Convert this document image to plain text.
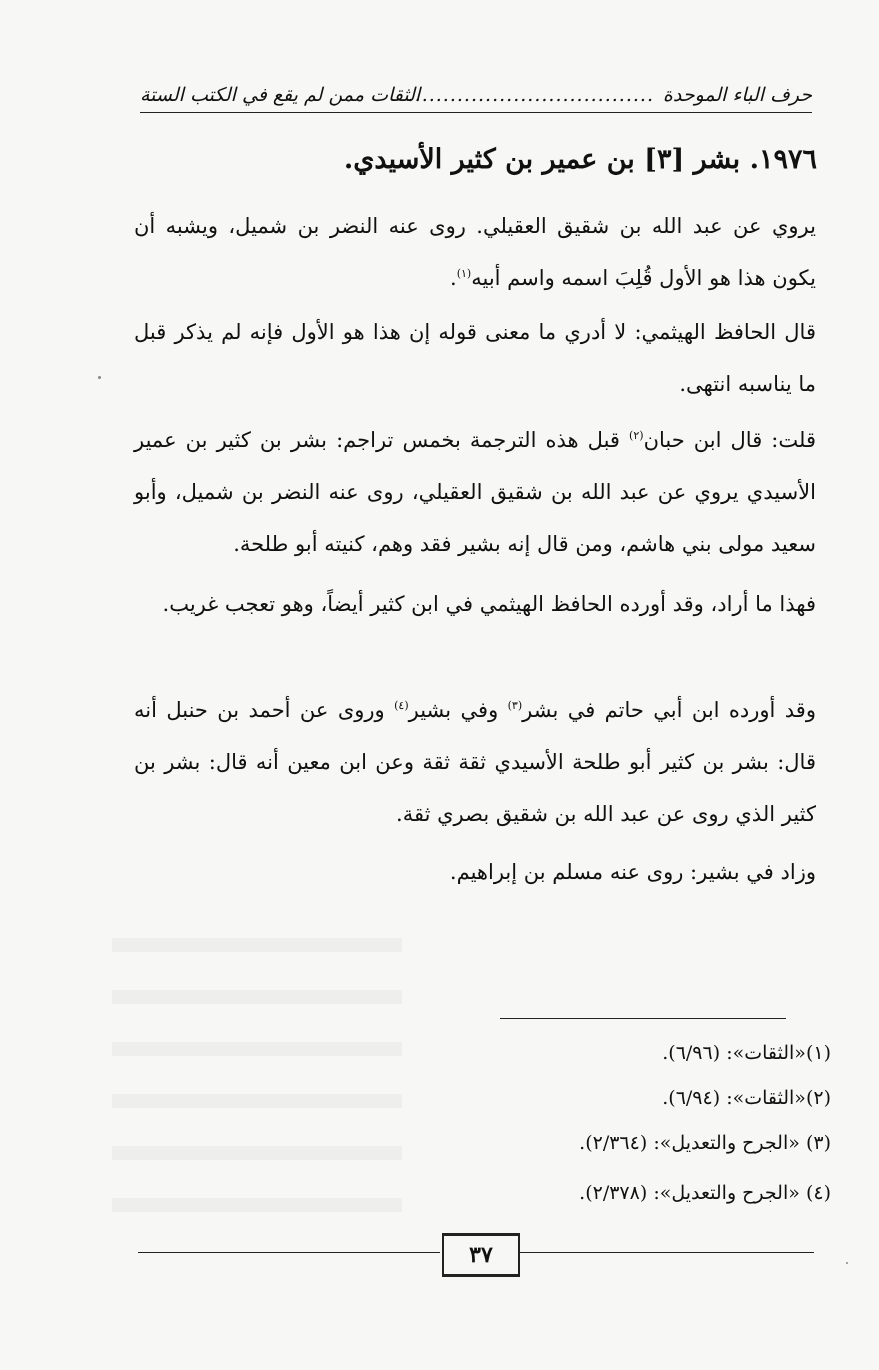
حرف الباء الموحدة
...................................
الثقات ممن لم يقع في الكتب الستة
١٩٧٦. بشر [٣] بن عمير بن كثير الأسيدي.
يروي عن عبد الله بن شقيق العقيلي. روى عنه النضر بن شميل، ويشبه أن يكون هذا هو الأول قُلِبَ اسمه واسم أبيه$^{(١)}$.
قال الحافظ الهيثمي: لا أدري ما معنى قوله إن هذا هو الأول فإنه لم يذكر قبل ما يناسبه انتهى.
قلت: قال ابن حبان$^{(٢)}$ قبل هذه الترجمة بخمس تراجم: بشر بن كثير بن عمير الأسيدي يروي عن عبد الله بن شقيق العقيلي، روى عنه النضر بن شميل، وأبو سعيد مولى بني هاشم، ومن قال إنه بشير فقد وهم، كنيته أبو طلحة.
فهذا ما أراد، وقد أورده الحافظ الهيثمي في ابن كثير أيضاً، وهو تعجب غريب.
وقد أورده ابن أبي حاتم في بشر$^{(٣)}$ وفي بشير$^{(٤)}$ وروى عن أحمد بن حنبل أنه قال: بشر بن كثير أبو طلحة الأسيدي ثقة ثقة وعن ابن معين أنه قال: بشر بن كثير الذي روى عن عبد الله بن شقيق بصري ثقة.
وزاد في بشير: روى عنه مسلم بن إبراهيم.
(١)«الثقات»: (٦/٩٦).
(٢)«الثقات»: (٦/٩٤).
(٣) «الجرح والتعديل»: (٢/٣٦٤).
(٤) «الجرح والتعديل»: (٢/٣٧٨).
٣٧
